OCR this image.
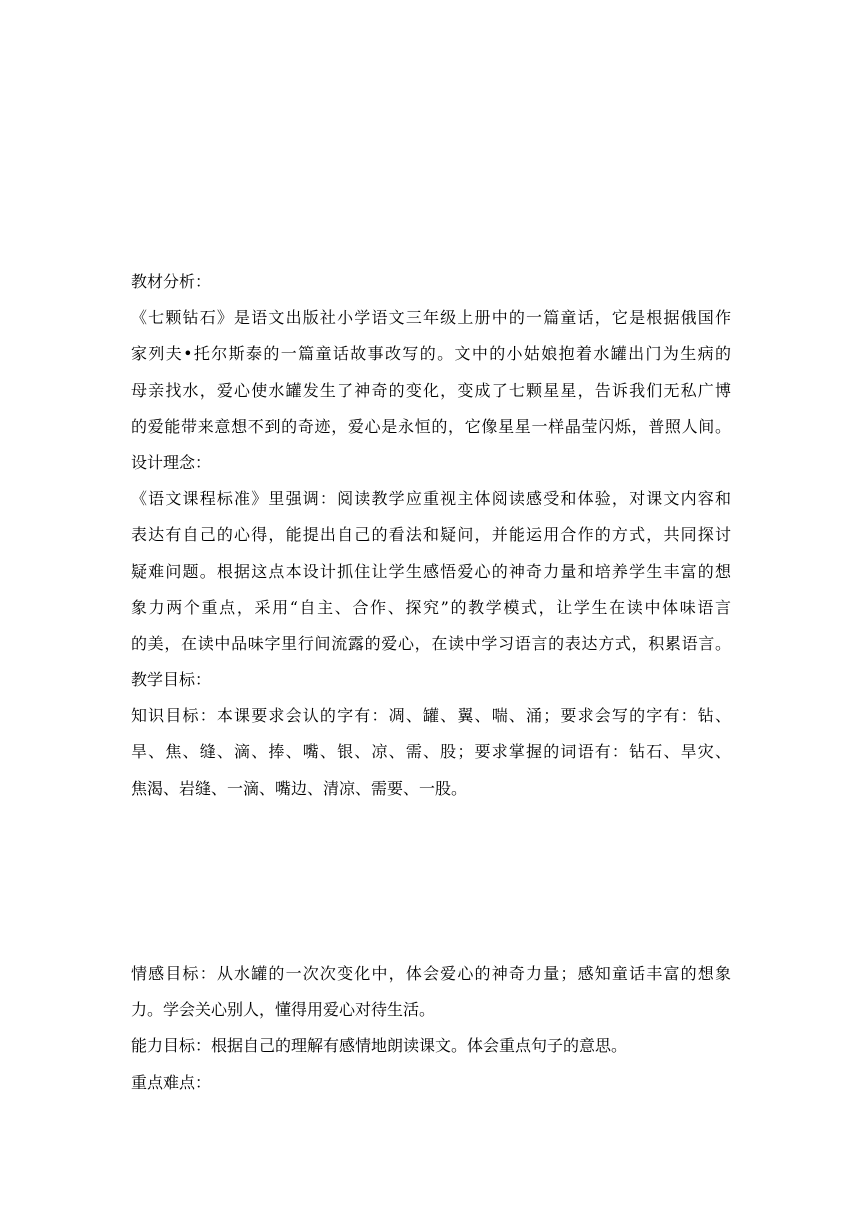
教材分析：

《七颗钻石》是语文出版社小学语文三年级上册中的一篇童话，它是根据俄国作

家列夫•托尔斯泰的一篇童话故事改写的。文中的小姑娘抱着水罐出门为生病的

母亲找水，爱心使水罐发生了神奇的变化，变成了七颗星星，告诉我们无私广博

的爱能带来意想不到的奇迹，爱心是永恒的，它像星星一样晶莹闪烁，普照人间。

设计理念：

《语文课程标准》里强调：阅读教学应重视主体阅读感受和体验，对课文内容和

表达有自己的心得，能提出自己的看法和疑问，并能运用合作的方式，共同探讨

疑难问题。根据这点本设计抓住让学生感悟爱心的神奇力量和培养学生丰富的想

象力两个重点，采用“自主、合作、探究”的教学模式，让学生在读中体味语言

的美，在读中品味字里行间流露的爱心，在读中学习语言的表达方式，积累语言。

教学目标：

知识目标：本课要求会认的字有：凋、罐、翼、喘、涌；要求会写的字有：钻、

旱、焦、缝、滴、捧、嘴、银、凉、需、股；要求掌握的词语有：钻石、旱灾、

焦渴、岩缝、一滴、嘴边、清凉、需要、一股。

情感目标：从水罐的一次次变化中，体会爱心的神奇力量；感知童话丰富的想象

力。学会关心别人，懂得用爱心对待生活。

能力目标：根据自己的理解有感情地朗读课文。体会重点句子的意思。

重点难点：
